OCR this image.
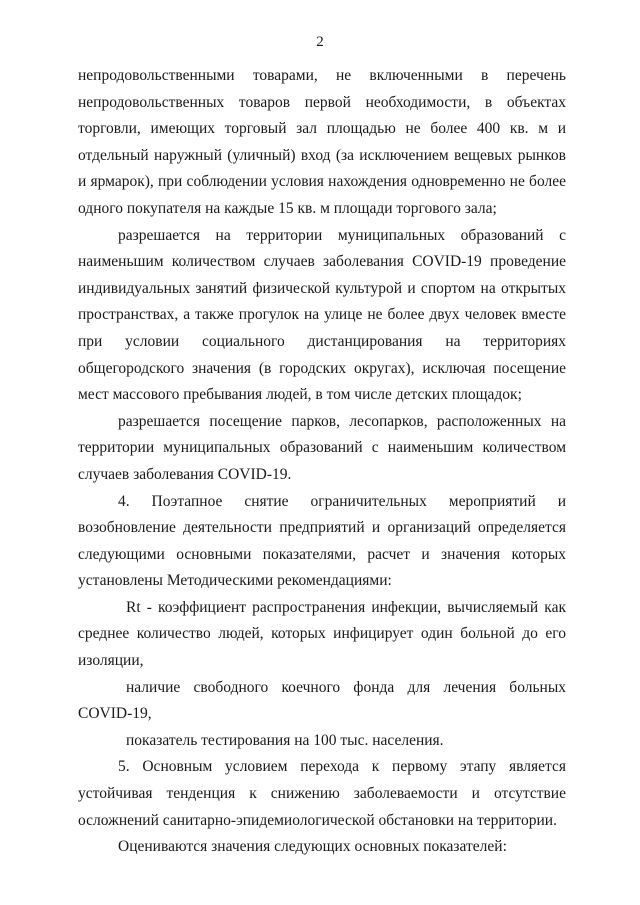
2

непродовольственными товарами, не включенными в перечень непродовольственных товаров первой необходимости, в объектах торговли, имеющих торговый зал площадью не более 400 кв. м и отдельный наружный (уличный) вход (за исключением вещевых рынков и ярмарок), при соблюдении условия нахождения одновременно не более одного покупателя на каждые 15 кв. м площади торгового зала;

разрешается на территории муниципальных образований с наименьшим количеством случаев заболевания COVID-19 проведение индивидуальных занятий физической культурой и спортом на открытых пространствах, а также прогулок на улице не более двух человек вместе при условии социального дистанцирования на территориях общегородского значения (в городских округах), исключая посещение мест массового пребывания людей, в том числе детских площадок;

разрешается посещение парков, лесопарков, расположенных на территории муниципальных образований с наименьшим количеством случаев заболевания COVID-19.

4. Поэтапное снятие ограничительных мероприятий и возобновление деятельности предприятий и организаций определяется следующими основными показателями, расчет и значения которых установлены Методическими рекомендациями:

Rt - коэффициент распространения инфекции, вычисляемый как среднее количество людей, которых инфицирует один больной до его изоляции,

наличие свободного коечного фонда для лечения больных COVID-19,

показатель тестирования на 100 тыс. населения.

5. Основным условием перехода к первому этапу является устойчивая тенденция к снижению заболеваемости и отсутствие осложнений санитарно-эпидемиологической обстановки на территории.

Оцениваются значения следующих основных показателей:
